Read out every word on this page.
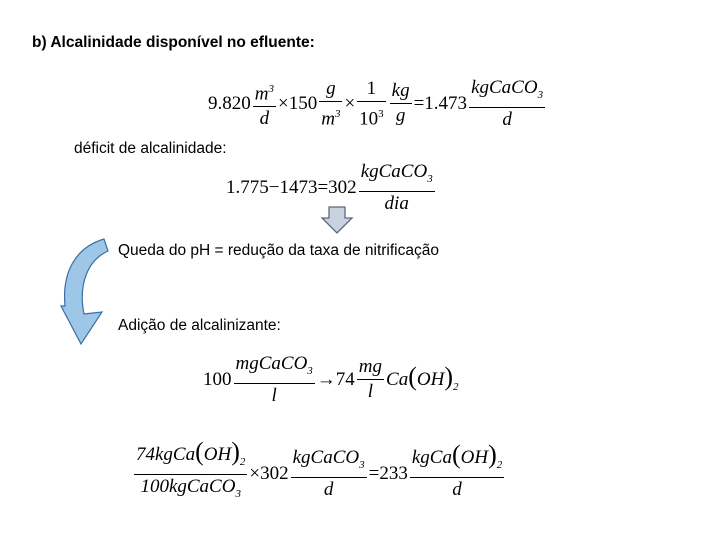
b) Alcalinidade disponível no efluente:
$9.820 \frac{m^3}{d} \times 150 \frac{g}{m^3} \times \frac{1}{10^3} \frac{kg}{g} =1.473 \frac{kgCaCO_3}{d}$
déficit de alcalinidade:
$1.775-1473=302 \frac{kgCaCO_3}{\text{dia}}$
Queda do pH = redução da taxa de nitrificação
Adição de alcalinizante:
$100 \frac{mgCaCO_3}{l} \to 74 \frac{mg}{l} Ca(OH)_2$
$\frac{74kgCa(OH)_2}{100kgCaCO_3} \times 302 \frac{kgCaCO_3}{d} =233 \frac{kgCa(OH)_2}{d}$
